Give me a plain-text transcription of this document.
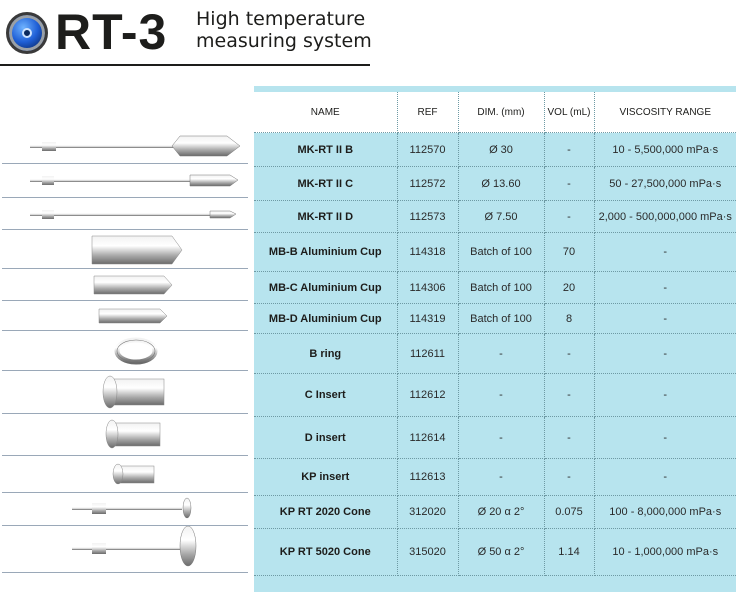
RT-3 High temperature
measuring system
NAME	REF	DIM. (mm)	VOL (mL)	VISCOSITY RANGE
MK-RT II B	112570	Ø 30	-	10 - 5,500,000 mPa·s
MK-RT II C	112572	Ø 13.60	-	50 - 27,500,000 mPa·s
MK-RT II D	112573	Ø 7.50	-	2,000 - 500,000,000 mPa·s
MB-B Aluminium Cup	114318	Batch of 100	70	-
MB-C Aluminium Cup	114306	Batch of 100	20	-
MB-D Aluminium Cup	114319	Batch of 100	8	-
B ring	112611	-	-	-
C Insert	112612	-	-	-
D insert	112614	-	-	-
KP insert	112613	-	-	-
KP RT 2020 Cone	312020	Ø 20 α 2°	0.075	100 - 8,000,000 mPa·s
KP RT 5020 Cone	315020	Ø 50 α 2°	1.14	10 - 1,000,000 mPa·s
